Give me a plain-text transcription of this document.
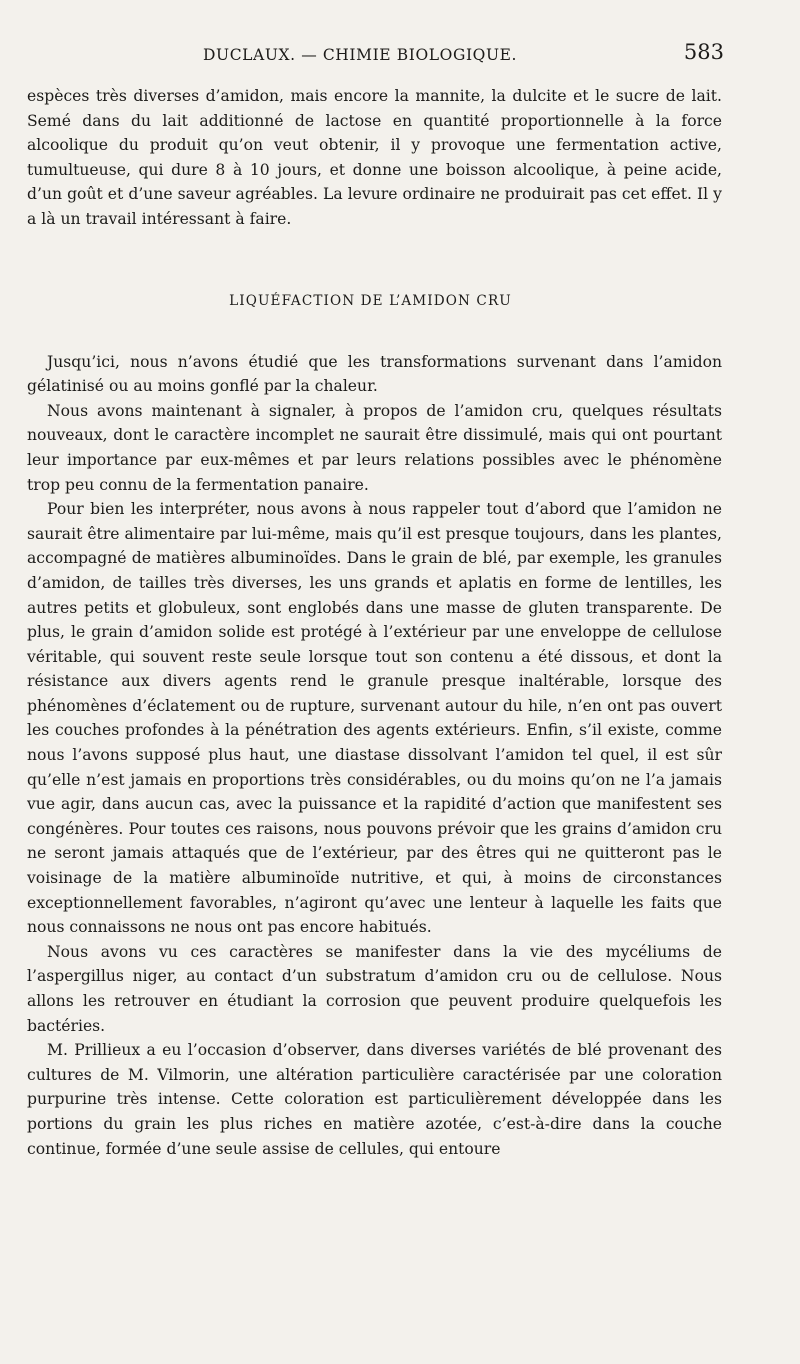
DUCLAUX. — CHIMIE BIOLOGIQUE.	583

espèces très diverses d’amidon, mais encore la mannite, la dulcite et le sucre de lait. Semé dans du lait additionné de lactose en quantité proportionnelle à la force alcoolique du produit qu’on veut obtenir, il y provoque une fermentation active, tumultueuse, qui dure 8 à 10 jours, et donne une boisson alcoolique, à peine acide, d’un goût et d’une saveur agréables. La levure ordinaire ne produirait pas cet effet. Il y a là un travail intéressant à faire.

LIQUÉFACTION DE L’AMIDON CRU

Jusqu’ici, nous n’avons étudié que les transformations survenant dans l’amidon gélatinisé ou au moins gonflé par la chaleur.

Nous avons maintenant à signaler, à propos de l’amidon cru, quelques résultats nouveaux, dont le caractère incomplet ne saurait être dissimulé, mais qui ont pourtant leur importance par eux-mêmes et par leurs relations possibles avec le phénomène trop peu connu de la fermentation panaire.

Pour bien les interpréter, nous avons à nous rappeler tout d’abord que l’amidon ne saurait être alimentaire par lui-même, mais qu’il est presque toujours, dans les plantes, accompagné de matières albuminoïdes. Dans le grain de blé, par exemple, les granules d’amidon, de tailles très diverses, les uns grands et aplatis en forme de lentilles, les autres petits et globuleux, sont englobés dans une masse de gluten transparente. De plus, le grain d’amidon solide est protégé à l’extérieur par une enveloppe de cellulose véritable, qui souvent reste seule lorsque tout son contenu a été dissous, et dont la résistance aux divers agents rend le granule presque inaltérable, lorsque des phénomènes d’éclatement ou de rupture, survenant autour du hile, n’en ont pas ouvert les couches profondes à la pénétration des agents extérieurs. Enfin, s’il existe, comme nous l’avons supposé plus haut, une diastase dissolvant l’amidon tel quel, il est sûr qu’elle n’est jamais en proportions très considérables, ou du moins qu’on ne l’a jamais vue agir, dans aucun cas, avec la puissance et la rapidité d’action que manifestent ses congénères. Pour toutes ces raisons, nous pouvons prévoir que les grains d’amidon cru ne seront jamais attaqués que de l’extérieur, par des êtres qui ne quitteront pas le voisinage de la matière albuminoïde nutritive, et qui, à moins de circonstances exceptionnellement favorables, n’agiront qu’avec une lenteur à laquelle les faits que nous connaissons ne nous ont pas encore habitués.

Nous avons vu ces caractères se manifester dans la vie des mycéliums de l’aspergillus niger, au contact d’un substratum d’amidon cru ou de cellulose. Nous allons les retrouver en étudiant la corrosion que peuvent produire quelquefois les bactéries.

M. Prillieux a eu l’occasion d’observer, dans diverses variétés de blé provenant des cultures de M. Vilmorin, une altération particulière caractérisée par une coloration purpurine très intense. Cette coloration est particulièrement développée dans les portions du grain les plus riches en matière azotée, c’est-à-dire dans la couche continue, formée d’une seule assise de cellules, qui entoure
